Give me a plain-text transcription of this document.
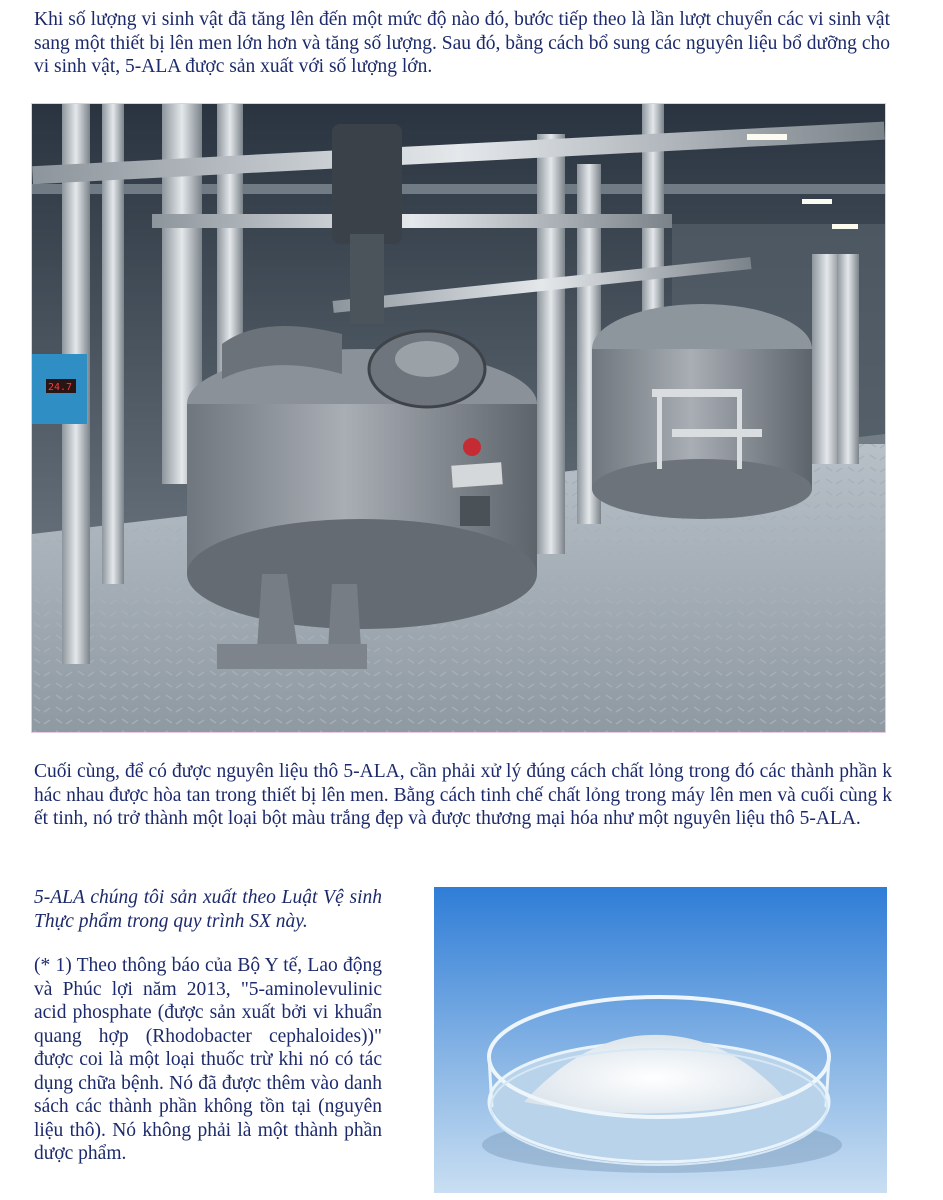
Khi số lượng vi sinh vật đã tăng lên đến một mức độ nào đó, bước tiếp theo là lần lượt chuyển các vi sinh vật sang một thiết bị lên men lớn hơn và tăng số lượng. Sau đó, bằng cách bổ sung các nguyên liệu bổ dưỡng cho vi sinh vật, 5-ALA được sản xuất với số lượng lớn.

24.7

Cuối cùng, để có được nguyên liệu thô 5-ALA, cần phải xử lý đúng cách chất lỏng trong đó các thành phần khác nhau được hòa tan trong thiết bị lên men. Bằng cách tinh chế chất lỏng trong máy lên men và cuối cùng kết tinh, nó trở thành một loại bột màu trắng đẹp và được thương mại hóa như một nguyên liệu thô 5-ALA.

5-ALA chúng tôi sản xuất theo Luật Vệ sinh Thực phẩm trong quy trình SX này.

(* 1) Theo thông báo của Bộ Y tế, Lao động và Phúc lợi năm 2013, "5-aminolevulinic acid phosphate (được sản xuất bởi vi khuẩn quang hợp (Rhodobacter cephaloides))" được coi là một loại thuốc trừ khi nó có tác dụng chữa bệnh. Nó đã được thêm vào danh sách các thành phần không tồn tại (nguyên liệu thô). Nó không phải là một thành phần dược phẩm.
